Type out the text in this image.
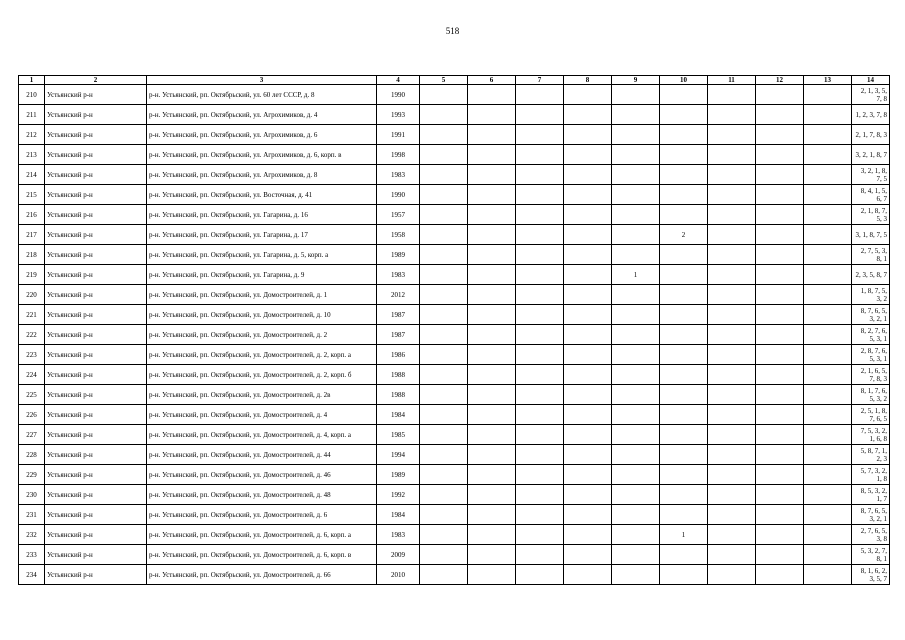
518
1	2	3	4	5	6	7	8	9	10	11	12	13	14
210	Устьянский р-н	р-н. Устьянский, рп. Октябрьский, ул. 60 лет СССР, д. 8	1990										2, 1, 3, 5, 7, 8
211	Устьянский р-н	р-н. Устьянский, рп. Октябрьский, ул. Агрохимиков, д. 4	1993										1, 2, 3, 7, 8
212	Устьянский р-н	р-н. Устьянский, рп. Октябрьский, ул. Агрохимиков, д. 6	1991										2, 1, 7, 8, 3
213	Устьянский р-н	р-н. Устьянский, рп. Октябрьский, ул. Агрохимиков, д. 6, корп. в	1998										3, 2, 1, 8, 7
214	Устьянский р-н	р-н. Устьянский, рп. Октябрьский, ул. Агрохимиков, д. 8	1983										3, 2, 1, 8, 7, 5
215	Устьянский р-н	р-н. Устьянский, рп. Октябрьский, ул. Восточная, д. 41	1990										8, 4, 1, 5, 6, 7
216	Устьянский р-н	р-н. Устьянский, рп. Октябрьский, ул. Гагарина, д. 16	1957										2, 1, 8, 7, 5, 3
217	Устьянский р-н	р-н. Устьянский, рп. Октябрьский, ул. Гагарина, д. 17	1958						2				3, 1, 8, 7, 5
218	Устьянский р-н	р-н. Устьянский, рп. Октябрьский, ул. Гагарина, д. 5, корп. а	1989										2, 7, 5, 3, 8, 1
219	Устьянский р-н	р-н. Устьянский, рп. Октябрьский, ул. Гагарина, д. 9	1983					1					2, 3, 5, 8, 7
220	Устьянский р-н	р-н. Устьянский, рп. Октябрьский, ул. Домостроителей, д. 1	2012										1, 8, 7, 5, 3, 2
221	Устьянский р-н	р-н. Устьянский, рп. Октябрьский, ул. Домостроителей, д. 10	1987										8, 7, 6, 5, 3, 2, 1
222	Устьянский р-н	р-н. Устьянский, рп. Октябрьский, ул. Домостроителей, д. 2	1987										8, 2, 7, 6, 5, 3, 1
223	Устьянский р-н	р-н. Устьянский, рп. Октябрьский, ул. Домостроителей, д. 2, корп. а	1986										2, 8, 7, 6, 5, 3, 1
224	Устьянский р-н	р-н. Устьянский, рп. Октябрьский, ул. Домостроителей, д. 2, корп. б	1988										2, 1, 6, 5, 7, 8, 3
225	Устьянский р-н	р-н. Устьянский, рп. Октябрьский, ул. Домостроителей, д. 2в	1988										8, 1, 7, 6, 5, 3, 2
226	Устьянский р-н	р-н. Устьянский, рп. Октябрьский, ул. Домостроителей, д. 4	1984										2, 5, 1, 8, 7, 6, 5
227	Устьянский р-н	р-н. Устьянский, рп. Октябрьский, ул. Домостроителей, д. 4, корп. а	1985										7, 5, 3, 2, 1, 6, 8
228	Устьянский р-н	р-н. Устьянский, рп. Октябрьский, ул. Домостроителей, д. 44	1994										5, 8, 7, 1, 2, 3
229	Устьянский р-н	р-н. Устьянский, рп. Октябрьский, ул. Домостроителей, д. 46	1989										5, 7, 3, 2, 1, 8
230	Устьянский р-н	р-н. Устьянский, рп. Октябрьский, ул. Домостроителей, д. 48	1992										8, 5, 3, 2, 1, 7
231	Устьянский р-н	р-н. Устьянский, рп. Октябрьский, ул. Домостроителей, д. 6	1984										8, 7, 6, 5, 3, 2, 1
232	Устьянский р-н	р-н. Устьянский, рп. Октябрьский, ул. Домостроителей, д. 6, корп. а	1983						1				2, 7, 6, 5, 3, 8
233	Устьянский р-н	р-н. Устьянский, рп. Октябрьский, ул. Домостроителей, д. 6, корп. в	2009										5, 3, 2, 7, 8, 1
234	Устьянский р-н	р-н. Устьянский, рп. Октябрьский, ул. Домостроителей, д. 66	2010										8, 1, 6, 2, 3, 5, 7
